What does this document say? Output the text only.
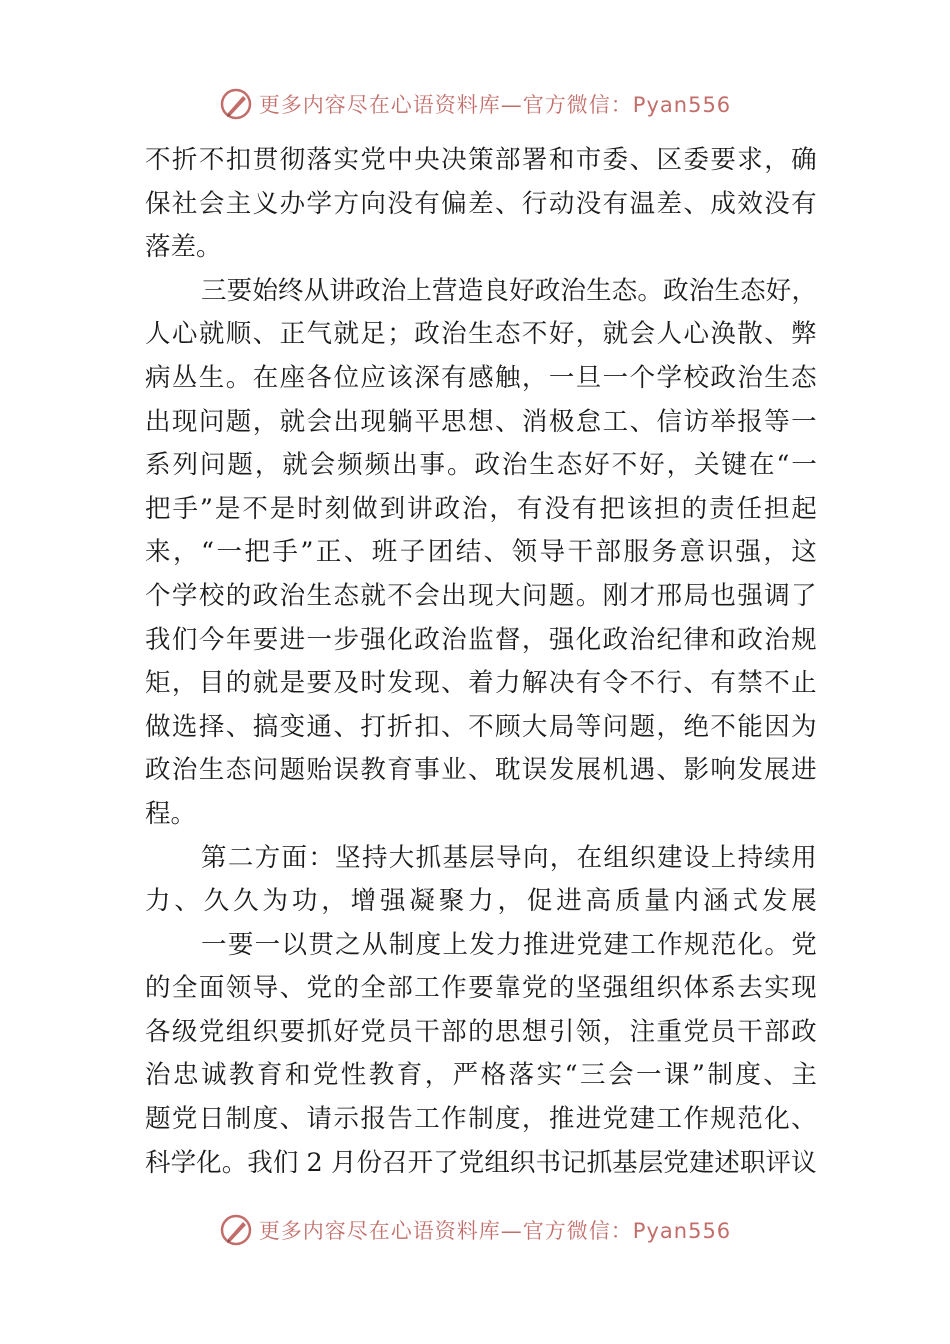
更多内容尽在心语资料库—官方微信：Pyan556
不 折 不 扣 贯 彻 落 实 党 中 央 决 策 部 署 和 市 委 、 区 委 要 求 ， 确
保 社 会 主 义 办 学 方 向 没 有 偏 差 、 行 动 没 有 温 差 、 成 效 没 有
落差。
三 要 始 终 从 讲 政 治 上 营 造 良 好 政 治 生 态 。 政 治 生 态 好 ，
人 心 就 顺 、 正 气 就 足 ； 政 治 生 态 不 好 ， 就 会 人 心 涣 散 、 弊
病 丛 生 。 在 座 各 位 应 该 深 有 感 触 ， 一 旦 一 个 学 校 政 治 生 态
出 现 问 题 ， 就 会 出 现 躺 平 思 想 、 消 极 怠 工 、 信 访 举 报 等 一
系 列 问 题 ， 就 会 频 频 出 事 。 政 治 生 态 好 不 好 ， 关 键 在 “ 一
把 手 ” 是 不 是 时 刻 做 到 讲 政 治 ， 有 没 有 把 该 担 的 责 任 担 起
来 ， “ 一 把 手 ” 正 、 班 子 团 结 、 领 导 干 部 服 务 意 识 强 ， 这
个 学 校 的 政 治 生 态 就 不 会 出 现 大 问 题 。 刚 才 邢 局 也 强 调 了
我 们 今 年 要 进 一 步 强 化 政 治 监 督 ， 强 化 政 治 纪 律 和 政 治 规
矩 ， 目 的 就 是 要 及 时 发 现 、 着 力 解 决 有 令 不 行 、 有 禁 不 止
做 选 择 、 搞 变 通 、 打 折 扣 、 不 顾 大 局 等 问 题 ， 绝 不 能 因 为
政 治 生 态 问 题 贻 误 教 育 事 业 、 耽 误 发 展 机 遇 、 影 响 发 展 进
程。
第 二 方 面 ： 坚 持 大 抓 基 层 导 向 ， 在 组 织 建 设 上 持 续 用
力 、 久 久 为 功 ， 增 强 凝 聚 力 ， 促 进 高 质 量 内 涵 式 发 展
一 要 一 以 贯 之 从 制 度 上 发 力 推 进 党 建 工 作 规 范 化 。 党
的 全 面 领 导 、 党 的 全 部 工 作 要 靠 党 的 坚 强 组 织 体 系 去 实 现
各 级 党 组 织 要 抓 好 党 员 干 部 的 思 想 引 领 ， 注 重 党 员 干 部 政
治 忠 诚 教 育 和 党 性 教 育 ， 严 格 落 实 “ 三 会 一 课 ” 制 度 、 主
题 党 日 制 度 、 请 示 报 告 工 作 制 度 ， 推 进 党 建 工 作 规 范 化 、
科 学 化 。 我 们
2
月 份 召 开 了 党 组 织 书 记 抓 基 层 党 建 述 职 评 议
更多内容尽在心语资料库—官方微信：Pyan556
